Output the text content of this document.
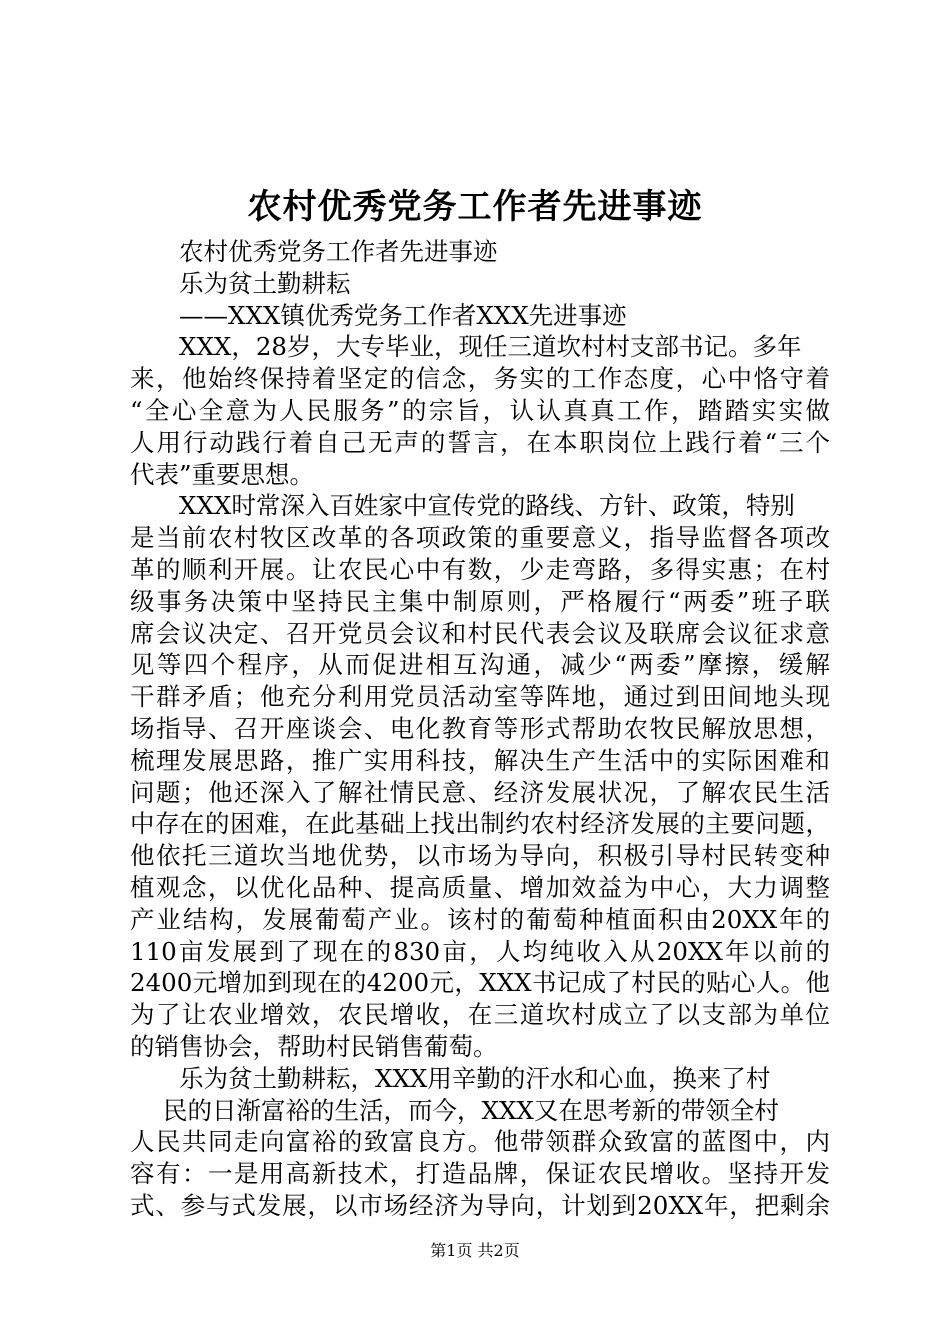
农村优秀党务工作者先进事迹
农村优秀党务工作者先进事迹
乐为贫土勤耕耘
——XXX镇优秀党务工作者XXX先进事迹
XXX，28岁，大专毕业，现任三道坎村村支部书记。多年
来，他始终保持着坚定的信念，务实的工作态度，心中恪守着
“全心全意为人民服务”的宗旨，认认真真工作，踏踏实实做
人用行动践行着自己无声的誓言，在本职岗位上践行着“三个
代表”重要思想。
XXX时常深入百姓家中宣传党的路线、方针、政策，特别
是当前农村牧区改革的各项政策的重要意义，指导监督各项改
革的顺利开展。让农民心中有数，少走弯路，多得实惠；在村
级事务决策中坚持民主集中制原则，严格履行“两委”班子联
席会议决定、召开党员会议和村民代表会议及联席会议征求意
见等四个程序，从而促进相互沟通，减少“两委”摩擦，缓解
干群矛盾；他充分利用党员活动室等阵地，通过到田间地头现
场指导、召开座谈会、电化教育等形式帮助农牧民解放思想，
梳理发展思路，推广实用科技，解决生产生活中的实际困难和
问题；他还深入了解社情民意、经济发展状况，了解农民生活
中存在的困难，在此基础上找出制约农村经济发展的主要问题，
他依托三道坎当地优势，以市场为导向，积极引导村民转变种
植观念，以优化品种、提高质量、增加效益为中心，大力调整
产业结构，发展葡萄产业。该村的葡萄种植面积由20XX年的
110亩发展到了现在的830亩，人均纯收入从20XX年以前的
2400元增加到现在的4200元，XXX书记成了村民的贴心人。他
为了让农业增效，农民增收，在三道坎村成立了以支部为单位
的销售协会，帮助村民销售葡萄。
乐为贫土勤耕耘，XXX用辛勤的汗水和心血，换来了村
民的日渐富裕的生活，而今，XXX又在思考新的带领全村
人民共同走向富裕的致富良方。他带领群众致富的蓝图中，内
容有：一是用高新技术，打造品牌，保证农民增收。坚持开发
式、参与式发展，以市场经济为导向，计划到20XX年，把剩余
第1页 共2页
